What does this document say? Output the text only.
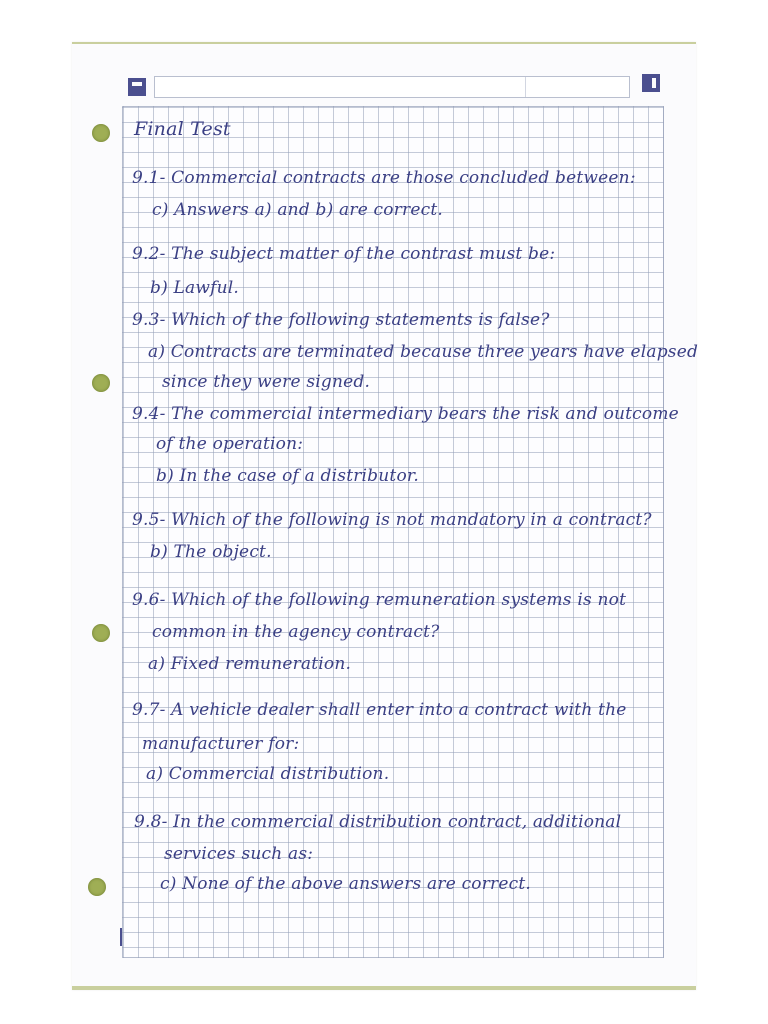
Final Test

9.1- Commercial contracts are those concluded between:

c) Answers a) and b) are correct.

9.2- The subject matter of the contrast must be:

b) Lawful.

9.3- Which of the following statements is false?

a) Contracts are terminated because three years have elapsed

since they were signed.

9.4- The commercial intermediary bears the risk and outcome

of the operation:

b) In the case of a distributor.

9.5- Which of the following is not mandatory in a contract?

b) The object.

9.6- Which of the following remuneration systems is not

common in the agency contract?

a) Fixed remuneration.

9.7- A vehicle dealer shall enter into a contract with the

manufacturer for:

a) Commercial distribution.

9.8- In the commercial distribution contract, additional

services such as:

c) None of the above answers are correct.
